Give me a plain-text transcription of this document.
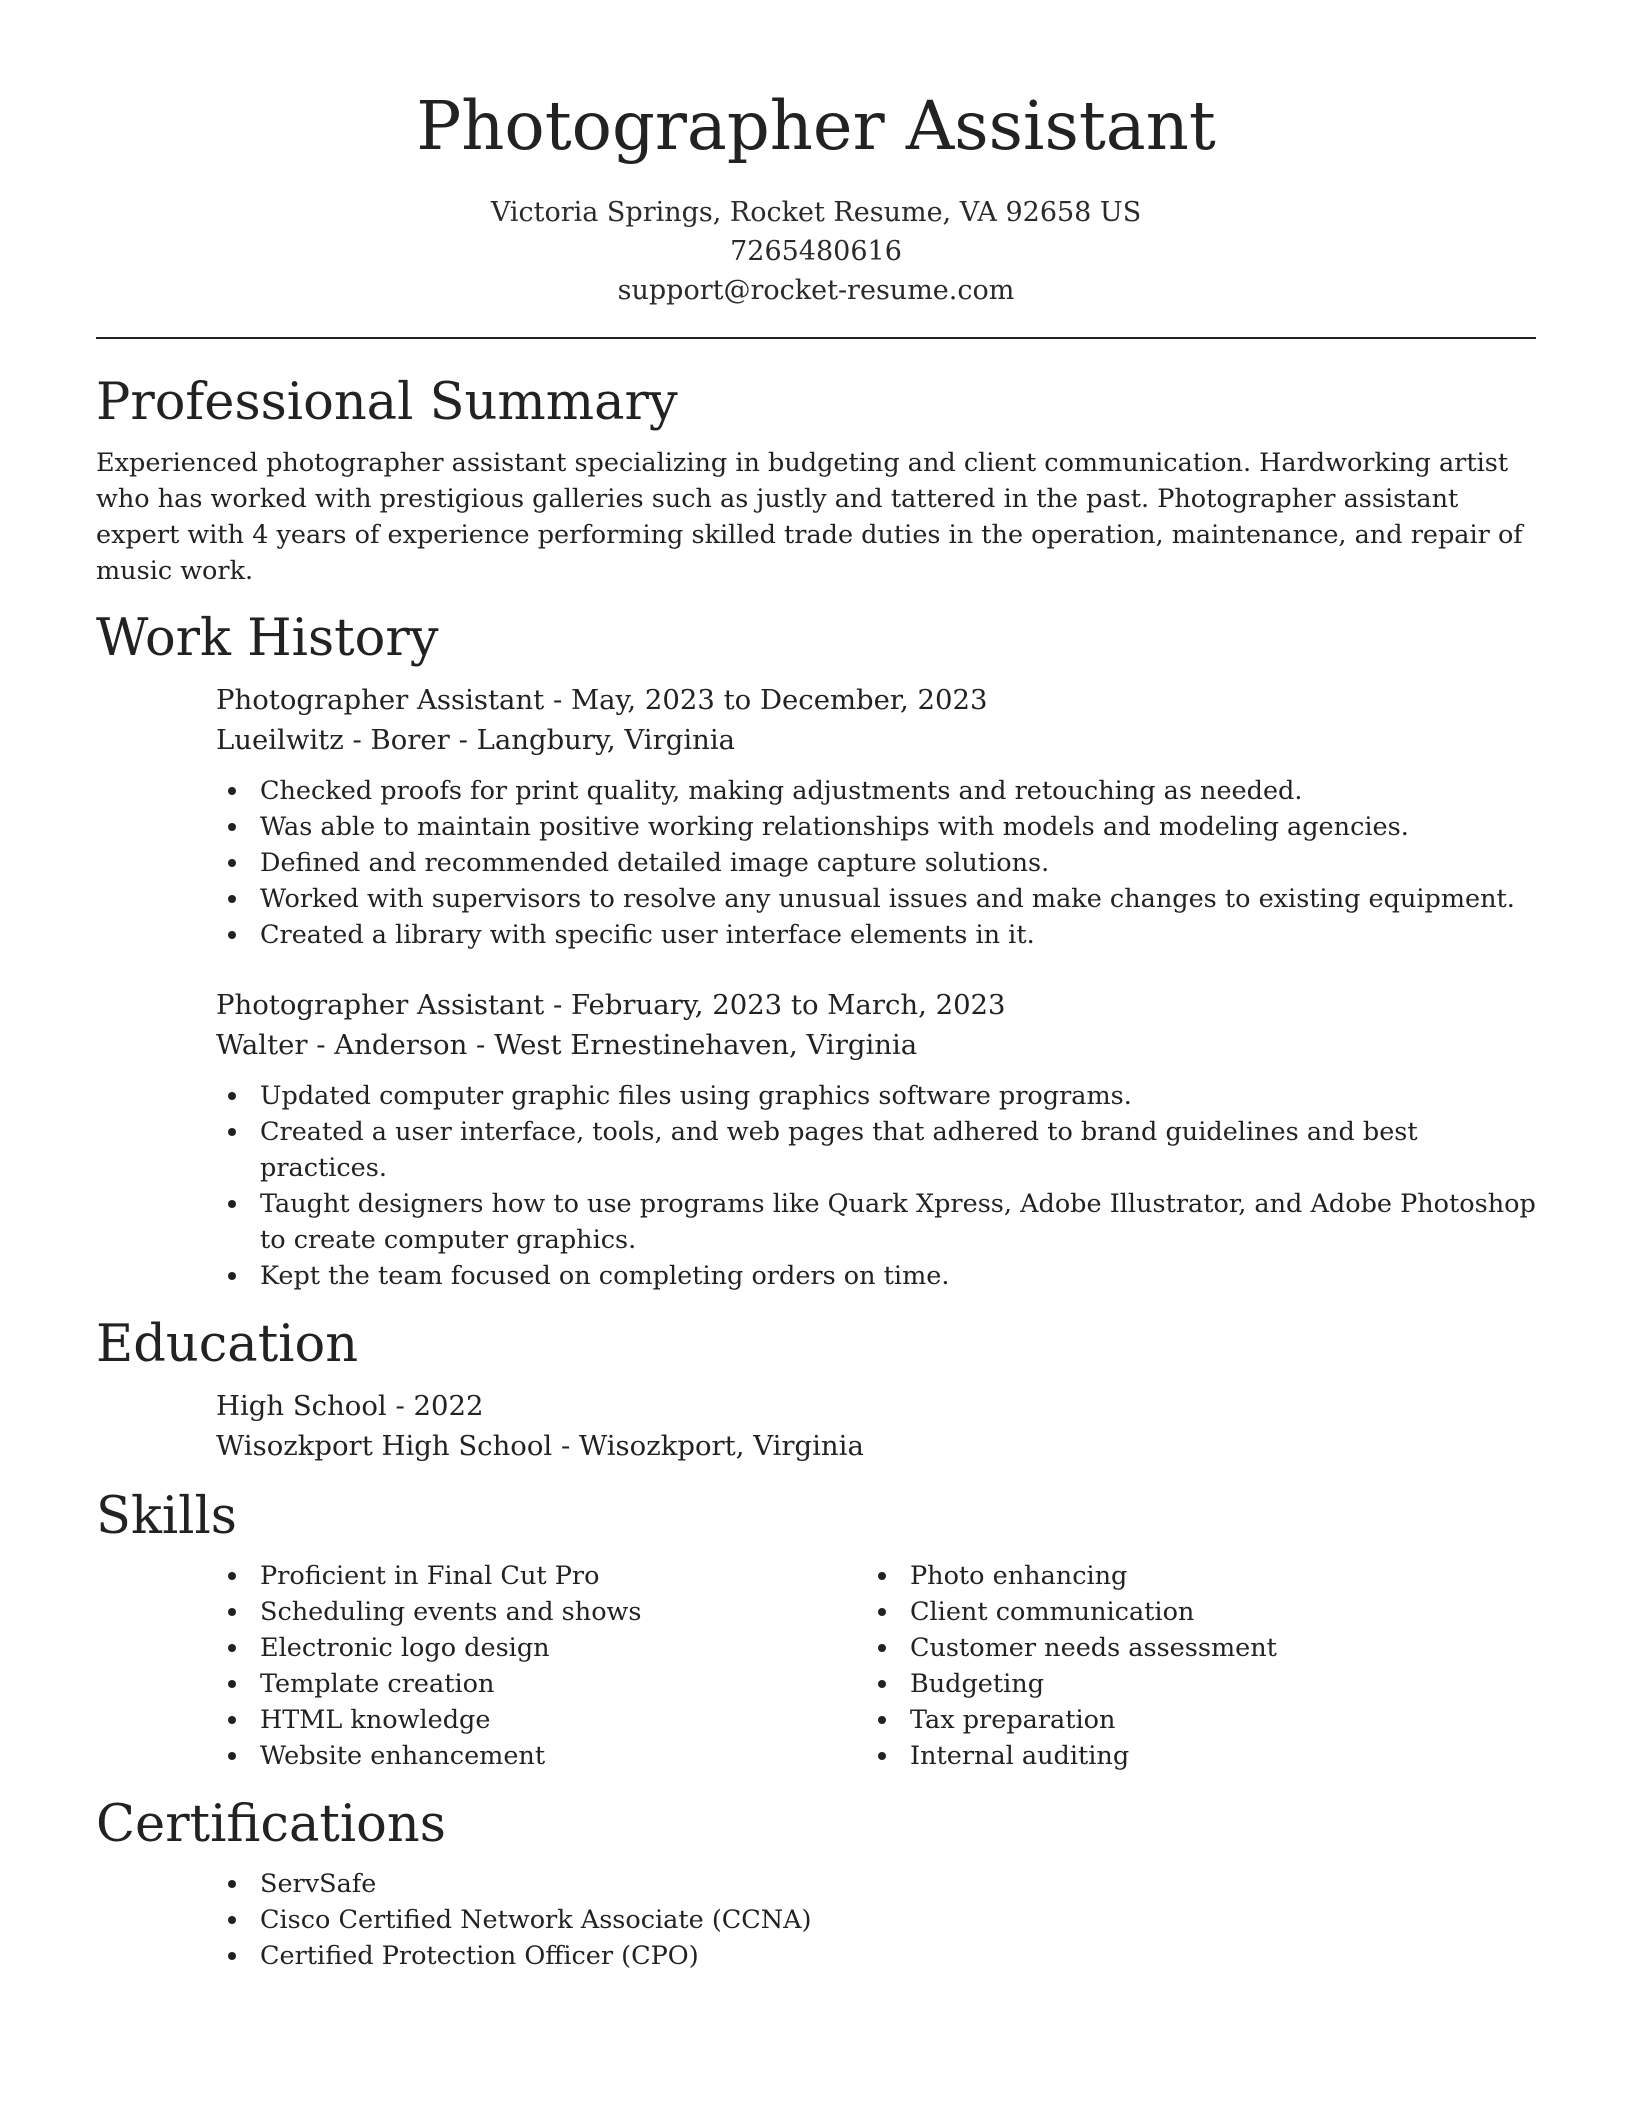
Photographer Assistant
Victoria Springs, Rocket Resume, VA 92658 US
7265480616
support@rocket-resume.com
Professional Summary

Experienced photographer assistant specializing in budgeting and client communication. Hardworking artist who has worked with prestigious galleries such as justly and tattered in the past. Photographer assistant expert with 4 years of experience performing skilled trade duties in the operation, maintenance, and repair of music work.

Work History
Photographer Assistant - May, 2023 to December, 2023
Lueilwitz - Borer - Langbury, Virginia
Checked proofs for print quality, making adjustments and retouching as needed.
Was able to maintain positive working relationships with models and modeling agencies.
Defined and recommended detailed image capture solutions.
Worked with supervisors to resolve any unusual issues and make changes to existing equipment.
Created a library with specific user interface elements in it.
Photographer Assistant - February, 2023 to March, 2023
Walter - Anderson - West Ernestinehaven, Virginia
Updated computer graphic files using graphics software programs.
Created a user interface, tools, and web pages that adhered to brand guidelines and best practices.
Taught designers how to use programs like Quark Xpress, Adobe Illustrator, and Adobe Photoshop to create computer graphics.
Kept the team focused on completing orders on time.
Education
High School - 2022
Wisozkport High School - Wisozkport, Virginia
Skills
Proficient in Final Cut Pro
Scheduling events and shows
Electronic logo design
Template creation
HTML knowledge
Website enhancement
Photo enhancing
Client communication
Customer needs assessment
Budgeting
Tax preparation
Internal auditing
Certifications
ServSafe
Cisco Certified Network Associate (CCNA)
Certified Protection Officer (CPO)
